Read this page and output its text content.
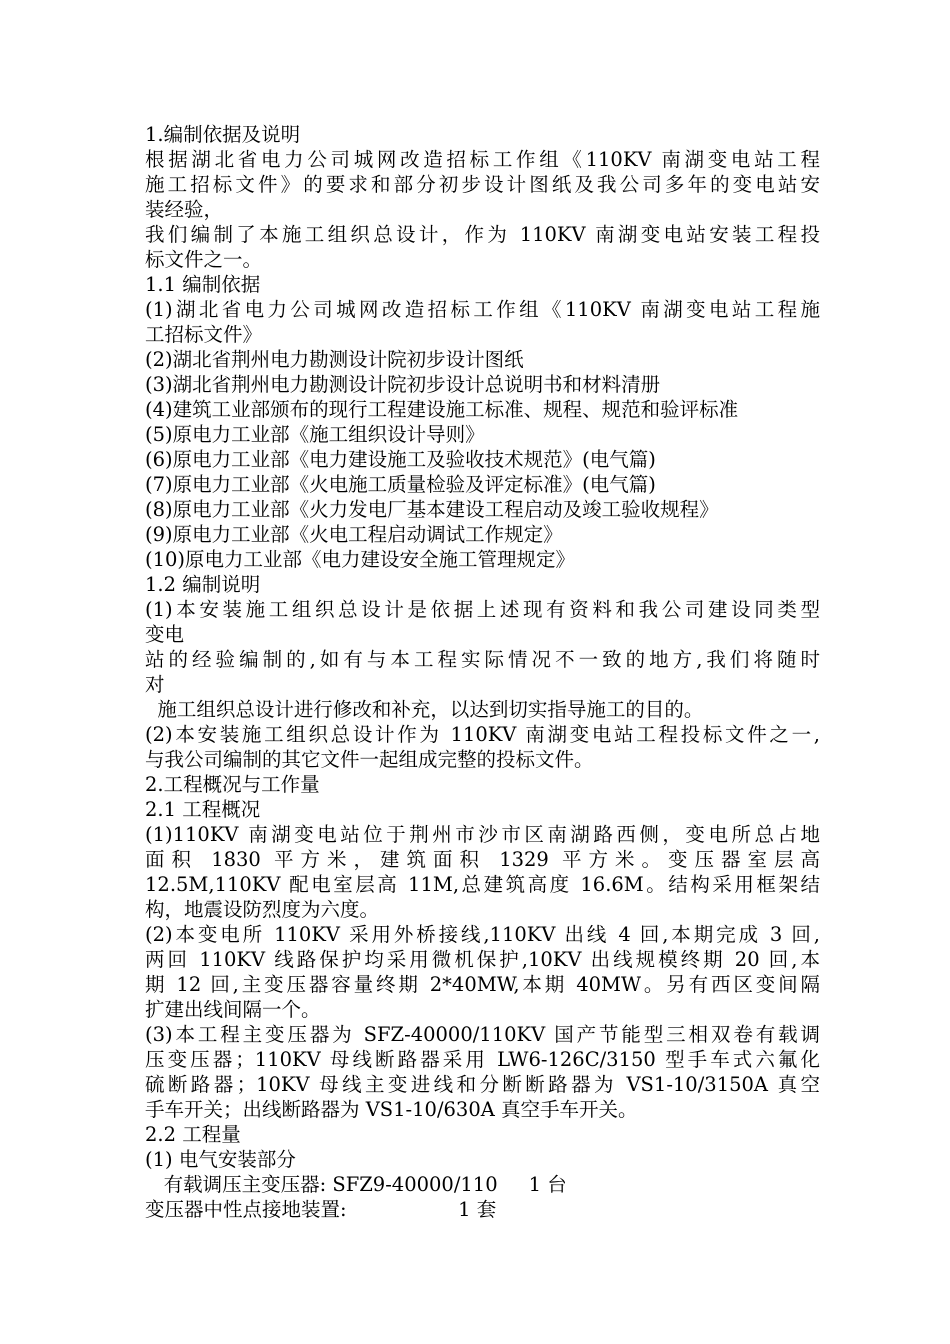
1.编制依据及说明
根据湖北省电力公司城网改造招标工作组《110KV 南湖变电站工程
施工招标文件》的要求和部分初步设计图纸及我公司多年的变电站安
装经验，
我们编制了本施工组织总设计，作为 110KV 南湖变电站安装工程投
标文件之一。
1.1 编制依据
(1)湖北省电力公司城网改造招标工作组《110KV 南湖变电站工程施
工招标文件》
(2)湖北省荆州电力勘测设计院初步设计图纸
(3)湖北省荆州电力勘测设计院初步设计总说明书和材料清册
(4)建筑工业部颁布的现行工程建设施工标准、规程、规范和验评标准
(5)原电力工业部《施工组织设计导则》
(6)原电力工业部《电力建设施工及验收技术规范》(电气篇)
(7)原电力工业部《火电施工质量检验及评定标准》(电气篇)
(8)原电力工业部《火力发电厂基本建设工程启动及竣工验收规程》
(9)原电力工业部《火电工程启动调试工作规定》
(10)原电力工业部《电力建设安全施工管理规定》
1.2 编制说明
(1)本安装施工组织总设计是依据上述现有资料和我公司建设同类型
变电
站的经验编制的,如有与本工程实际情况不一致的地方,我们将随时
对
施工组织总设计进行修改和补充，以达到切实指导施工的目的。
(2)本安装施工组织总设计作为 110KV 南湖变电站工程投标文件之一,
与我公司编制的其它文件一起组成完整的投标文件。
2.工程概况与工作量
2.1 工程概况
(1)110KV 南湖变电站位于荆州市沙市区南湖路西侧，变电所总占地
面积 1830 平方米，建筑面积 1329 平方米。变压器室层高
12.5M,110KV 配电室层高 11M,总建筑高度 16.6M。结构采用框架结
构，地震设防烈度为六度。
(2)本变电所 110KV 采用外桥接线,110KV 出线 4 回,本期完成 3 回,
两回 110KV 线路保护均采用微机保护,10KV 出线规模终期 20 回,本
期 12 回,主变压器容量终期 2*40MW,本期 40MW。另有西区变间隔
扩建出线间隔一个。
(3)本工程主变压器为 SFZ-40000/110KV 国产节能型三相双卷有载调
压变压器；110KV 母线断路器采用 LW6-126C/3150 型手车式六氟化
硫断路器；10KV 母线主变进线和分断断路器为 VS1-10/3150A 真空
手车开关；出线断路器为 VS1-10/630A 真空手车开关。
2.2 工程量
(1) 电气安装部分
有载调压主变压器: SFZ9-40000/110     1 台
变压器中性点接地装置:                  1 套
